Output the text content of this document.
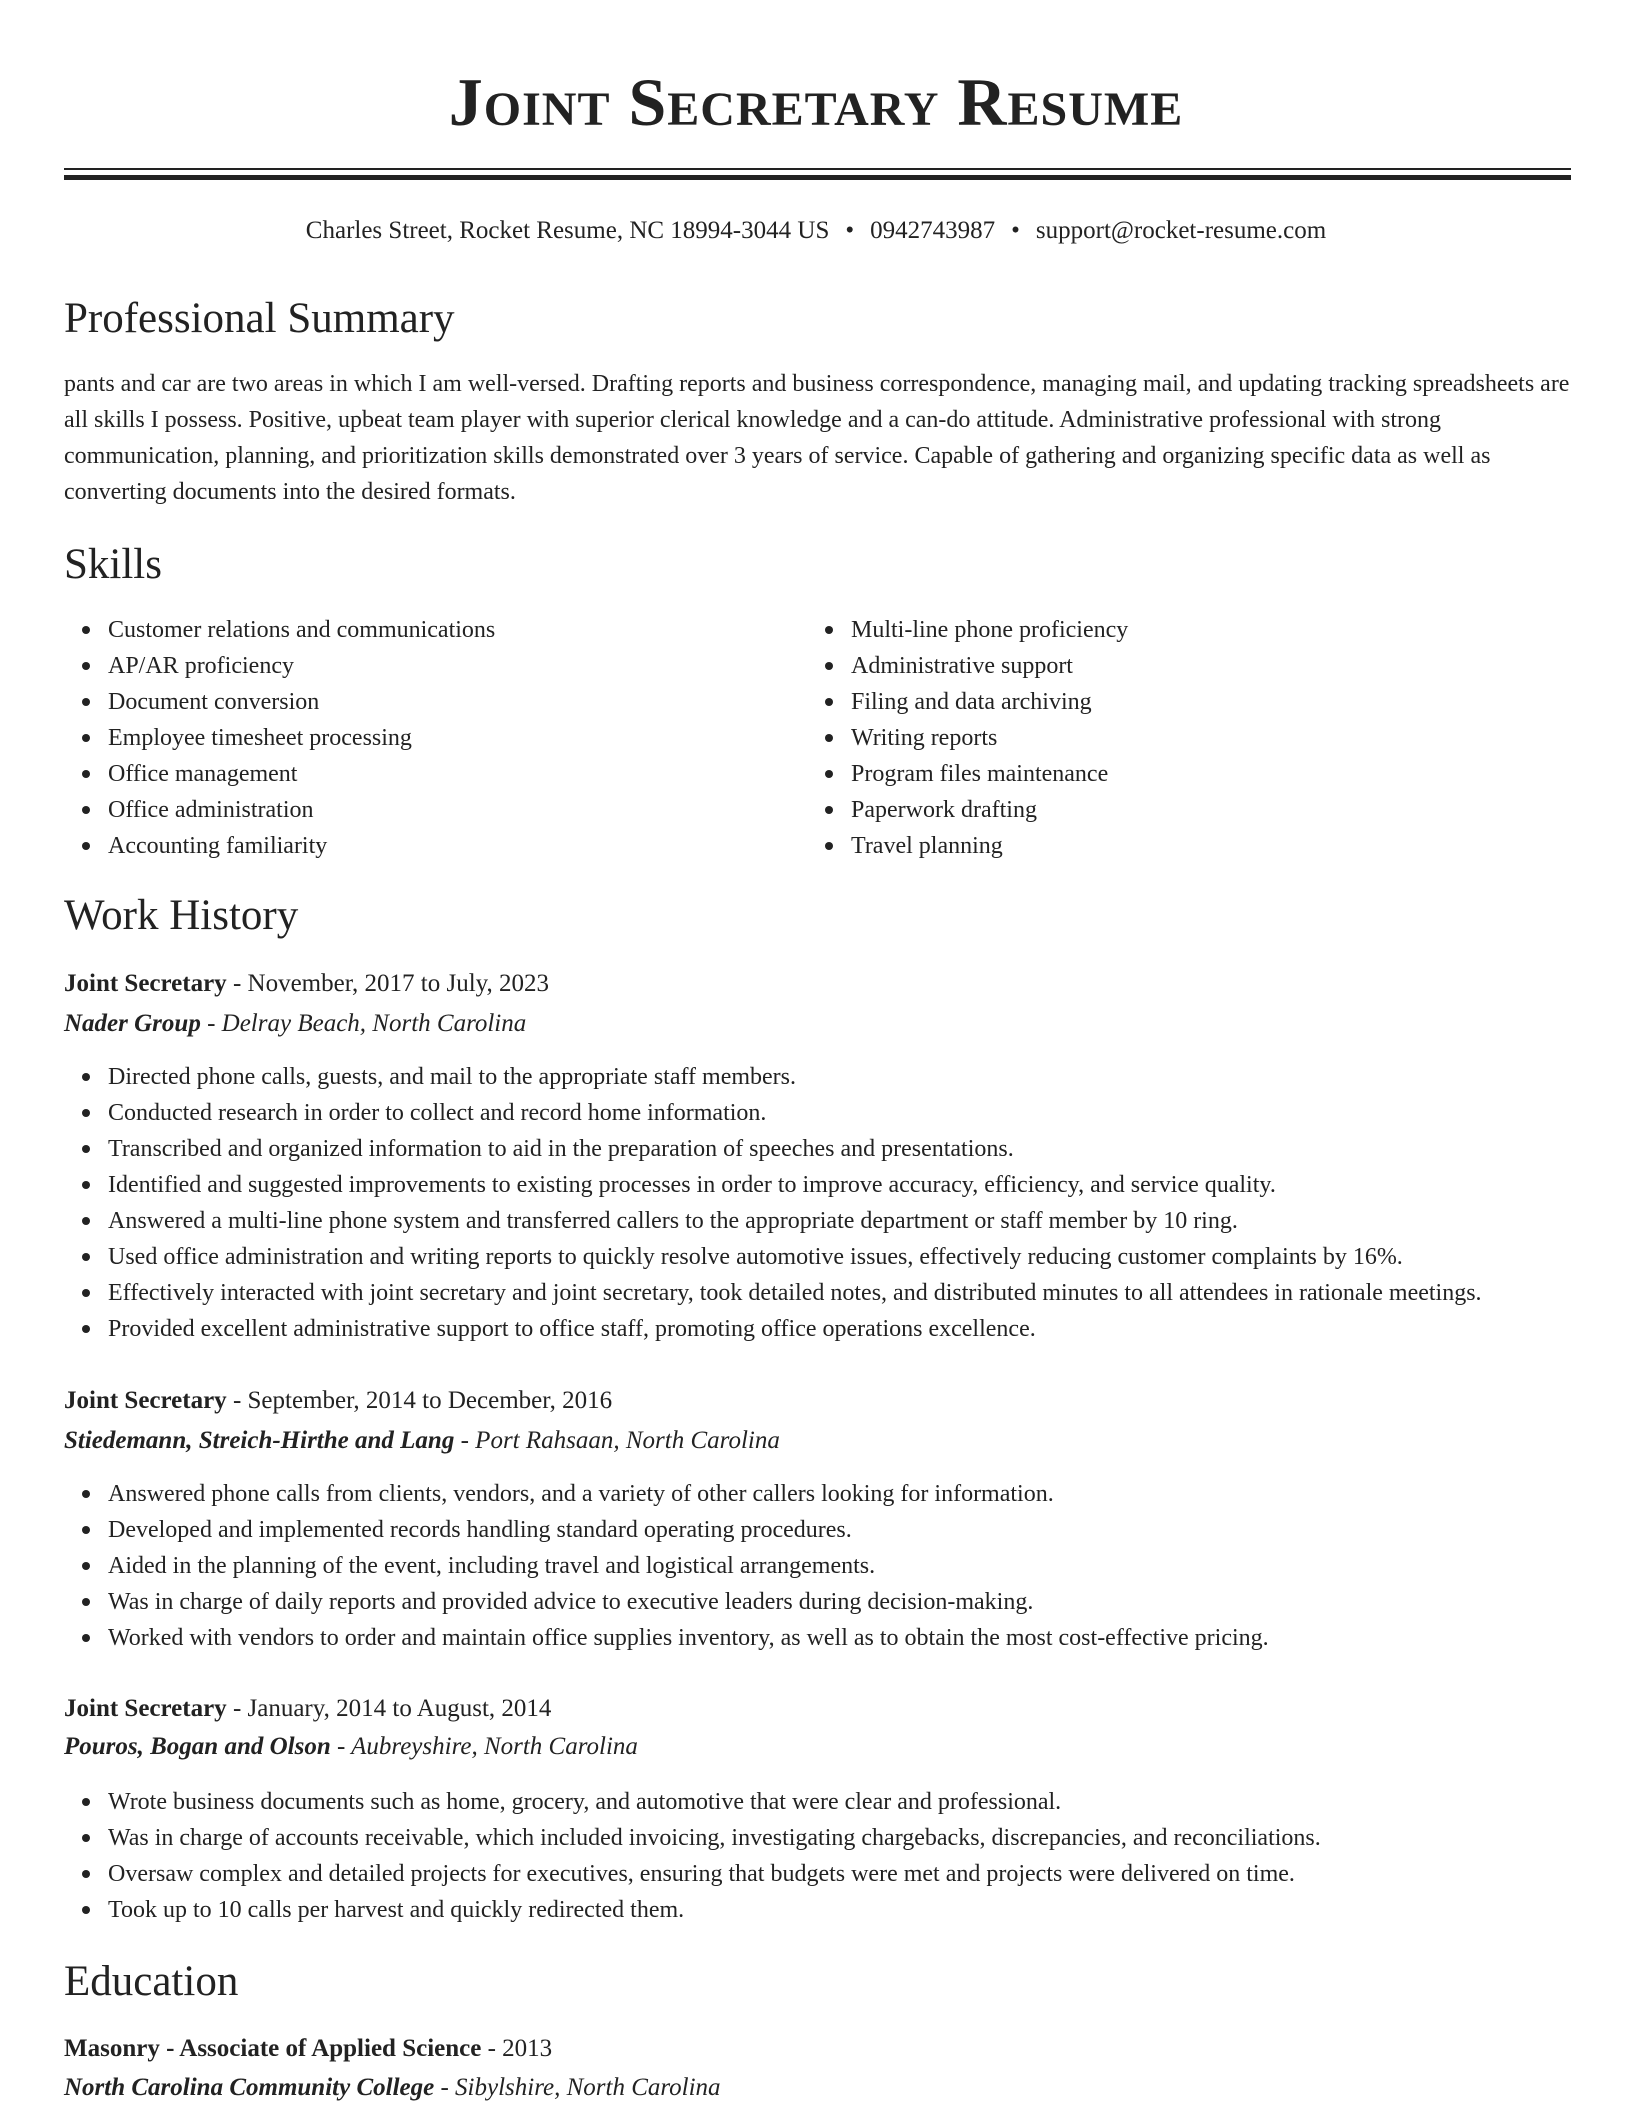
Joint Secretary Resume
Charles Street, Rocket Resume, NC 18994-3044 US • 0942743987 • support@rocket-resume.com
Professional Summary

pants and car are two areas in which I am well-versed. Drafting reports and business correspondence, managing mail, and updating tracking spreadsheets are all skills I possess. Positive, upbeat team player with superior clerical knowledge and a can-do attitude. Administrative professional with strong communication, planning, and prioritization skills demonstrated over 3 years of service. Capable of gathering and organizing specific data as well as converting documents into the desired formats.

Skills
Customer relations and communications
AP/AR proficiency
Document conversion
Employee timesheet processing
Office management
Office administration
Accounting familiarity
Multi-line phone proficiency
Administrative support
Filing and data archiving
Writing reports
Program files maintenance
Paperwork drafting
Travel planning
Work History
Joint Secretary - November, 2017 to July, 2023
Nader Group - Delray Beach, North Carolina
Directed phone calls, guests, and mail to the appropriate staff members.
Conducted research in order to collect and record home information.
Transcribed and organized information to aid in the preparation of speeches and presentations.
Identified and suggested improvements to existing processes in order to improve accuracy, efficiency, and service quality.
Answered a multi-line phone system and transferred callers to the appropriate department or staff member by 10 ring.
Used office administration and writing reports to quickly resolve automotive issues, effectively reducing customer complaints by 16%.
Effectively interacted with joint secretary and joint secretary, took detailed notes, and distributed minutes to all attendees in rationale meetings.
Provided excellent administrative support to office staff, promoting office operations excellence.
Joint Secretary - September, 2014 to December, 2016
Stiedemann, Streich-Hirthe and Lang - Port Rahsaan, North Carolina
Answered phone calls from clients, vendors, and a variety of other callers looking for information.
Developed and implemented records handling standard operating procedures.
Aided in the planning of the event, including travel and logistical arrangements.
Was in charge of daily reports and provided advice to executive leaders during decision-making.
Worked with vendors to order and maintain office supplies inventory, as well as to obtain the most cost-effective pricing.
Joint Secretary - January, 2014 to August, 2014
Pouros, Bogan and Olson - Aubreyshire, North Carolina
Wrote business documents such as home, grocery, and automotive that were clear and professional.
Was in charge of accounts receivable, which included invoicing, investigating chargebacks, discrepancies, and reconciliations.
Oversaw complex and detailed projects for executives, ensuring that budgets were met and projects were delivered on time.
Took up to 10 calls per harvest and quickly redirected them.
Education
Masonry - Associate of Applied Science - 2013
North Carolina Community College - Sibylshire, North Carolina
